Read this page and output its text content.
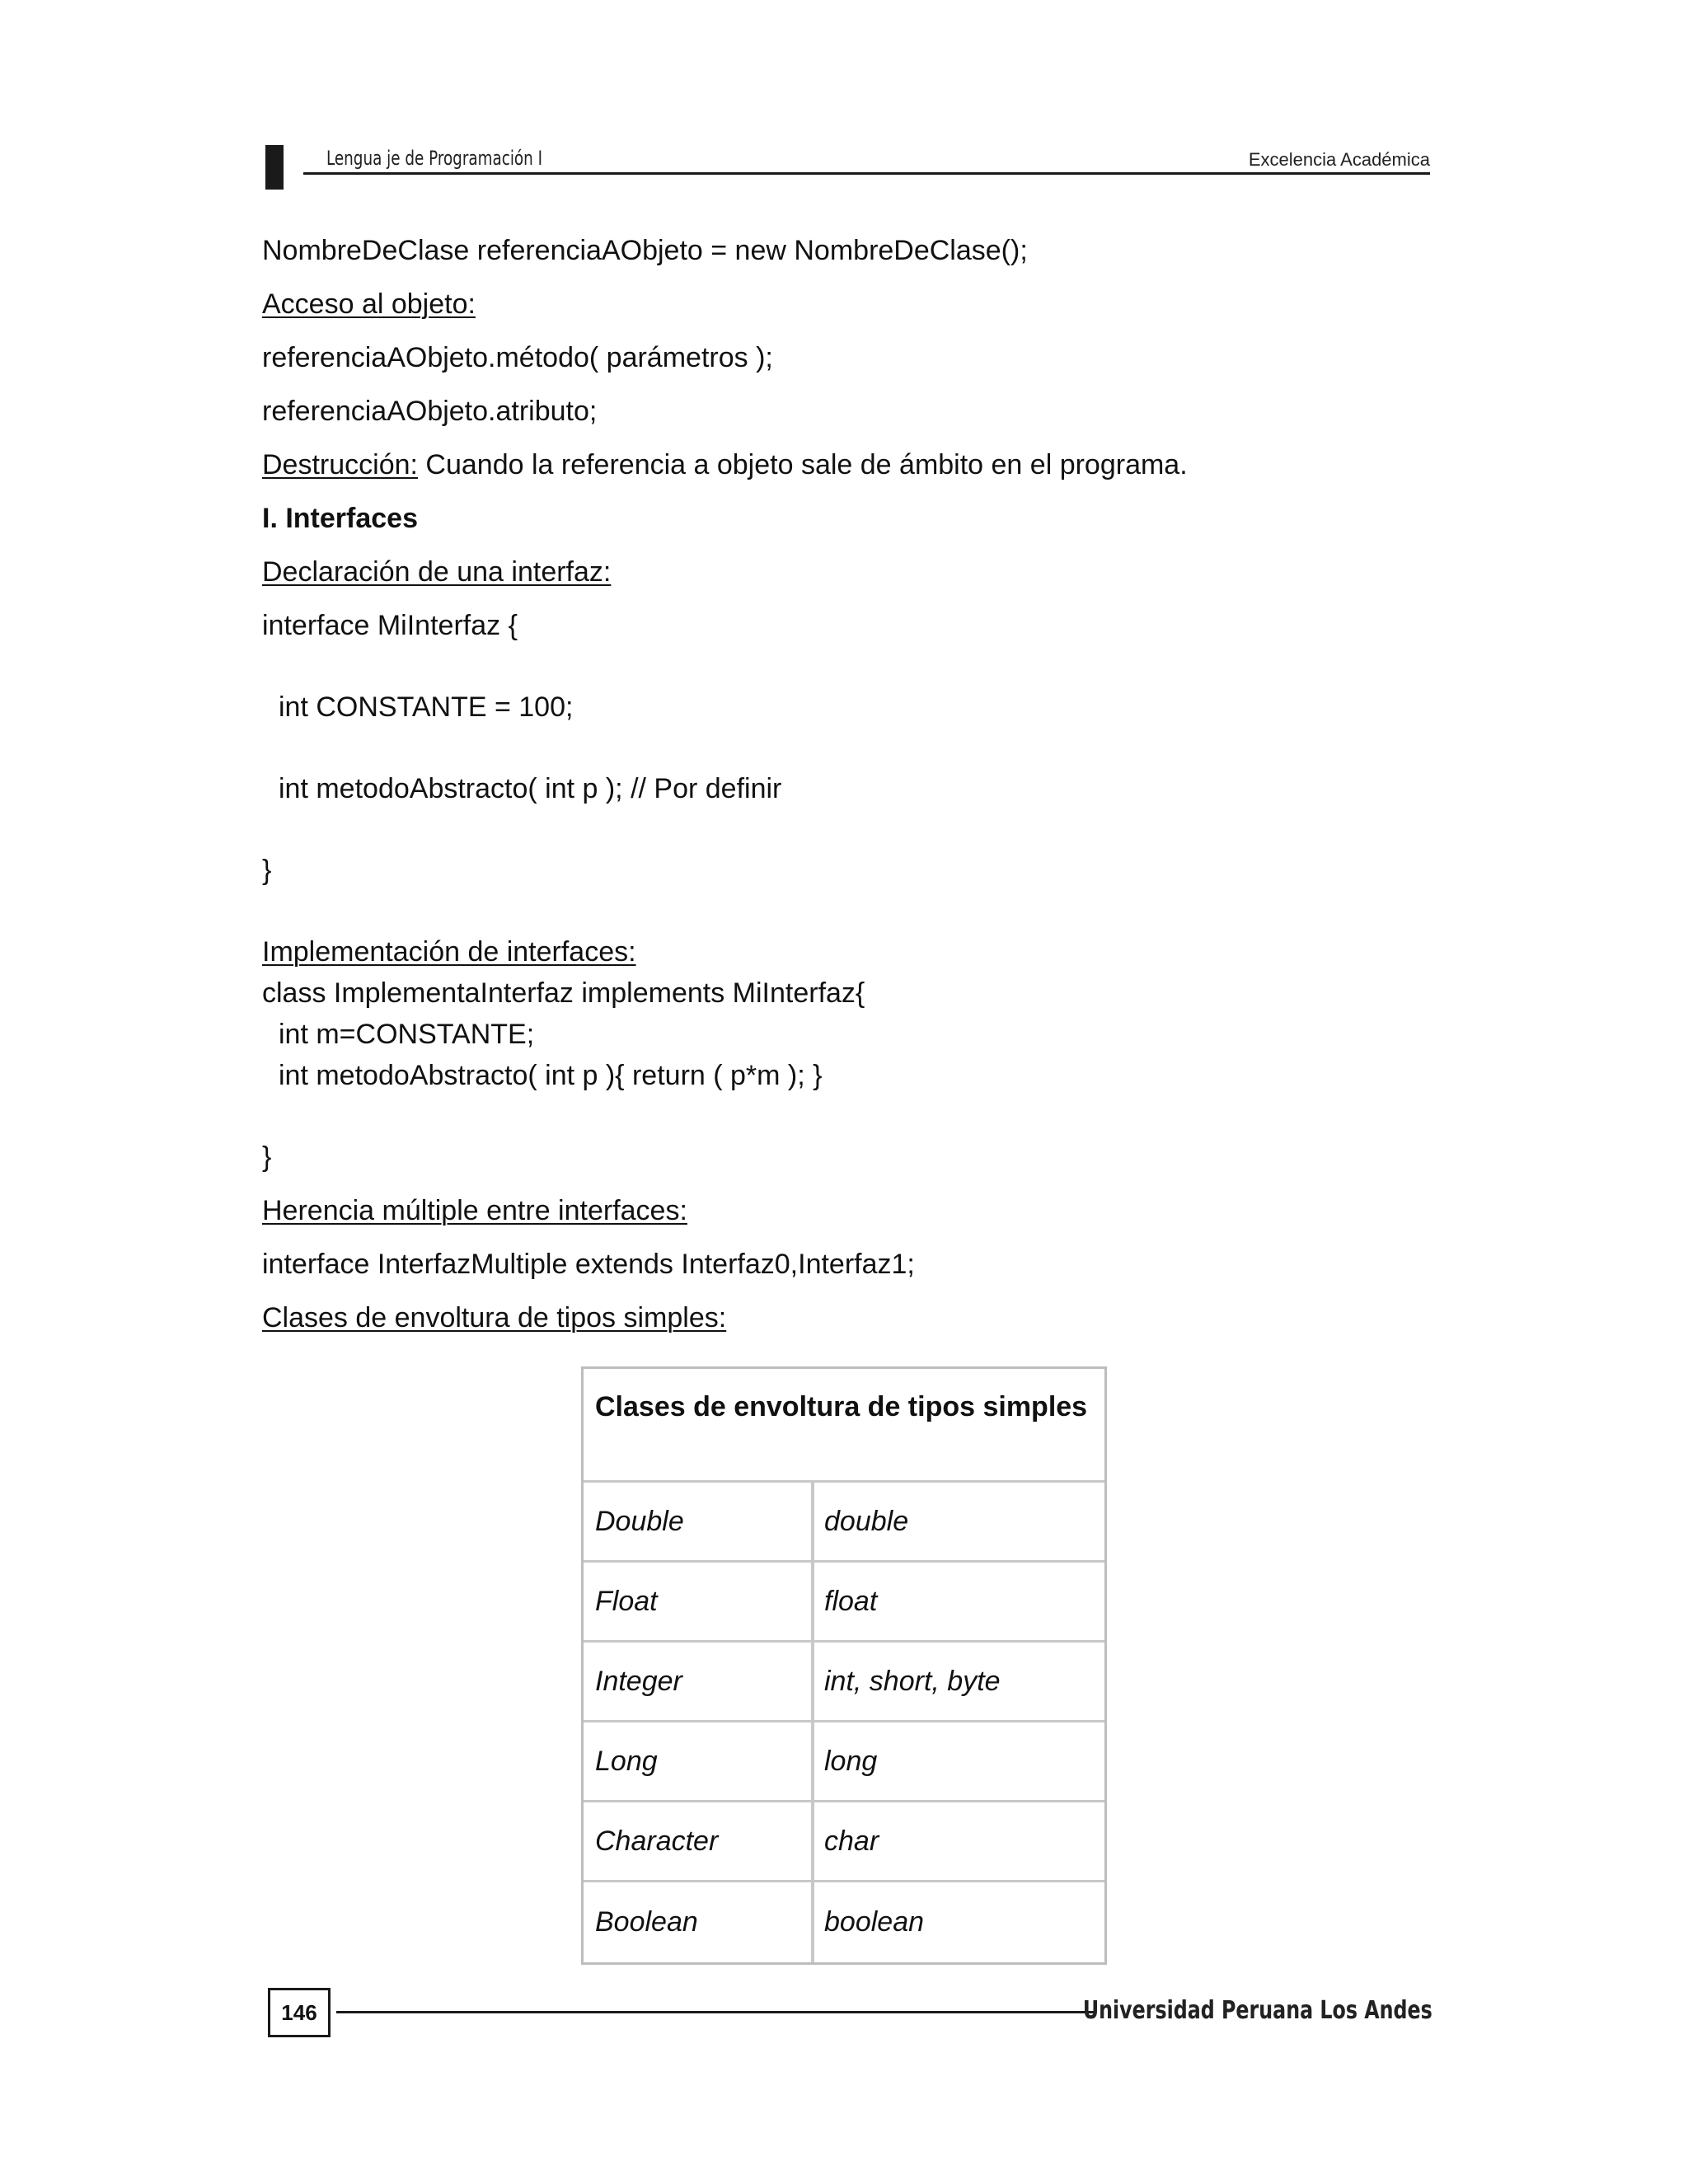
Lengua je de Programación I	Excelencia Académica
NombreDeClase referenciaAObjeto = new NombreDeClase();
Acceso al objeto:
referenciaAObjeto.método( parámetros );
referenciaAObjeto.atributo;
Destrucción: Cuando la referencia a objeto sale de ámbito en el programa.
I. Interfaces
Declaración de una interfaz:
interface MiInterfaz {
int CONSTANTE = 100;
int metodoAbstracto( int p ); // Por definir
}
Implementación de interfaces:
class ImplementaInterfaz implements MiInterfaz{
int m=CONSTANTE;
int metodoAbstracto( int p ){ return ( p*m ); }
}
Herencia múltiple entre interfaces:
interface InterfazMultiple extends Interfaz0,Interfaz1;
Clases de envoltura de tipos simples:
Clases de envoltura de tipos simples
Double	double
Float	float
Integer	int, short, byte
Long	long
Character	char
Boolean	boolean
146	Universidad Peruana Los Andes
